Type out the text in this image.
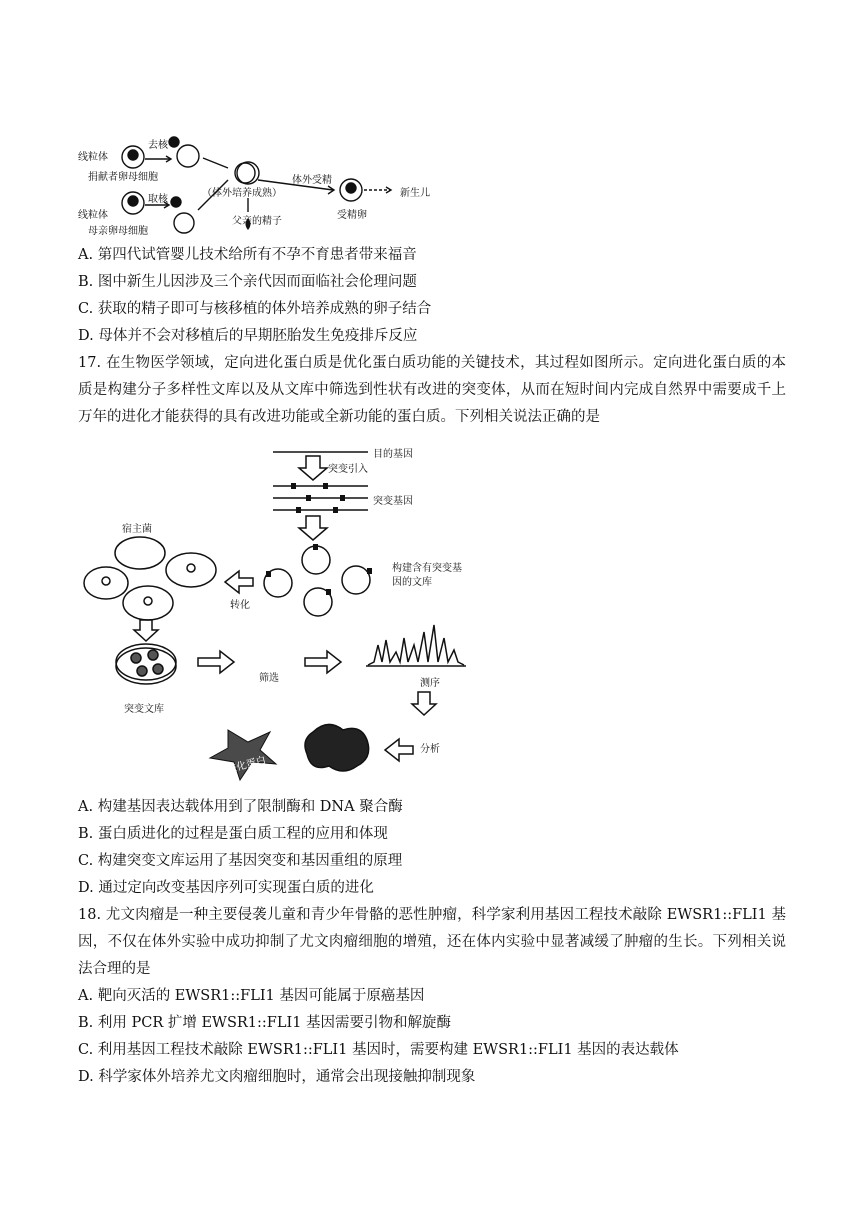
线粒体
捐献者卵母细胞
去核
取核
线粒体
母亲卵母细胞
（体外培养成熟）
体外受精
新生儿
父亲的精子
受精卵
A. 第四代试管婴儿技术给所有不孕不育患者带来福音
B. 图中新生儿因涉及三个亲代因而面临社会伦理问题
C. 获取的精子即可与核移植的体外培养成熟的卵子结合
D. 母体并不会对移植后的早期胚胎发生免疫排斥反应
17. 在生物医学领域，定向进化蛋白质是优化蛋白质功能的关键技术，其过程如图所示。定向进化蛋白质的本质是构建分子多样性文库以及从文库中筛选到性状有改进的突变体，从而在短时间内完成自然界中需要成千上万年的进化才能获得的具有改进功能或全新功能的蛋白质。下列相关说法正确的是
目的基因
突变引入
突变基因
宿主菌
构建含有突变基因的文库
转化
筛选	测序
突变文库
分析
进化蛋白
A. 构建基因表达载体用到了限制酶和 DNA 聚合酶
B. 蛋白质进化的过程是蛋白质工程的应用和体现
C. 构建突变文库运用了基因突变和基因重组的原理
D. 通过定向改变基因序列可实现蛋白质的进化
18. 尤文肉瘤是一种主要侵袭儿童和青少年骨骼的恶性肿瘤，科学家利用基因工程技术敲除 EWSR1::FLI1 基因，不仅在体外实验中成功抑制了尤文肉瘤细胞的增殖，还在体内实验中显著减缓了肿瘤的生长。下列相关说法合理的是
A. 靶向灭活的 EWSR1::FLI1 基因可能属于原癌基因
B. 利用 PCR 扩增 EWSR1::FLI1 基因需要引物和解旋酶
C. 利用基因工程技术敲除 EWSR1::FLI1 基因时，需要构建 EWSR1::FLI1 基因的表达载体
D. 科学家体外培养尤文肉瘤细胞时，通常会出现接触抑制现象
